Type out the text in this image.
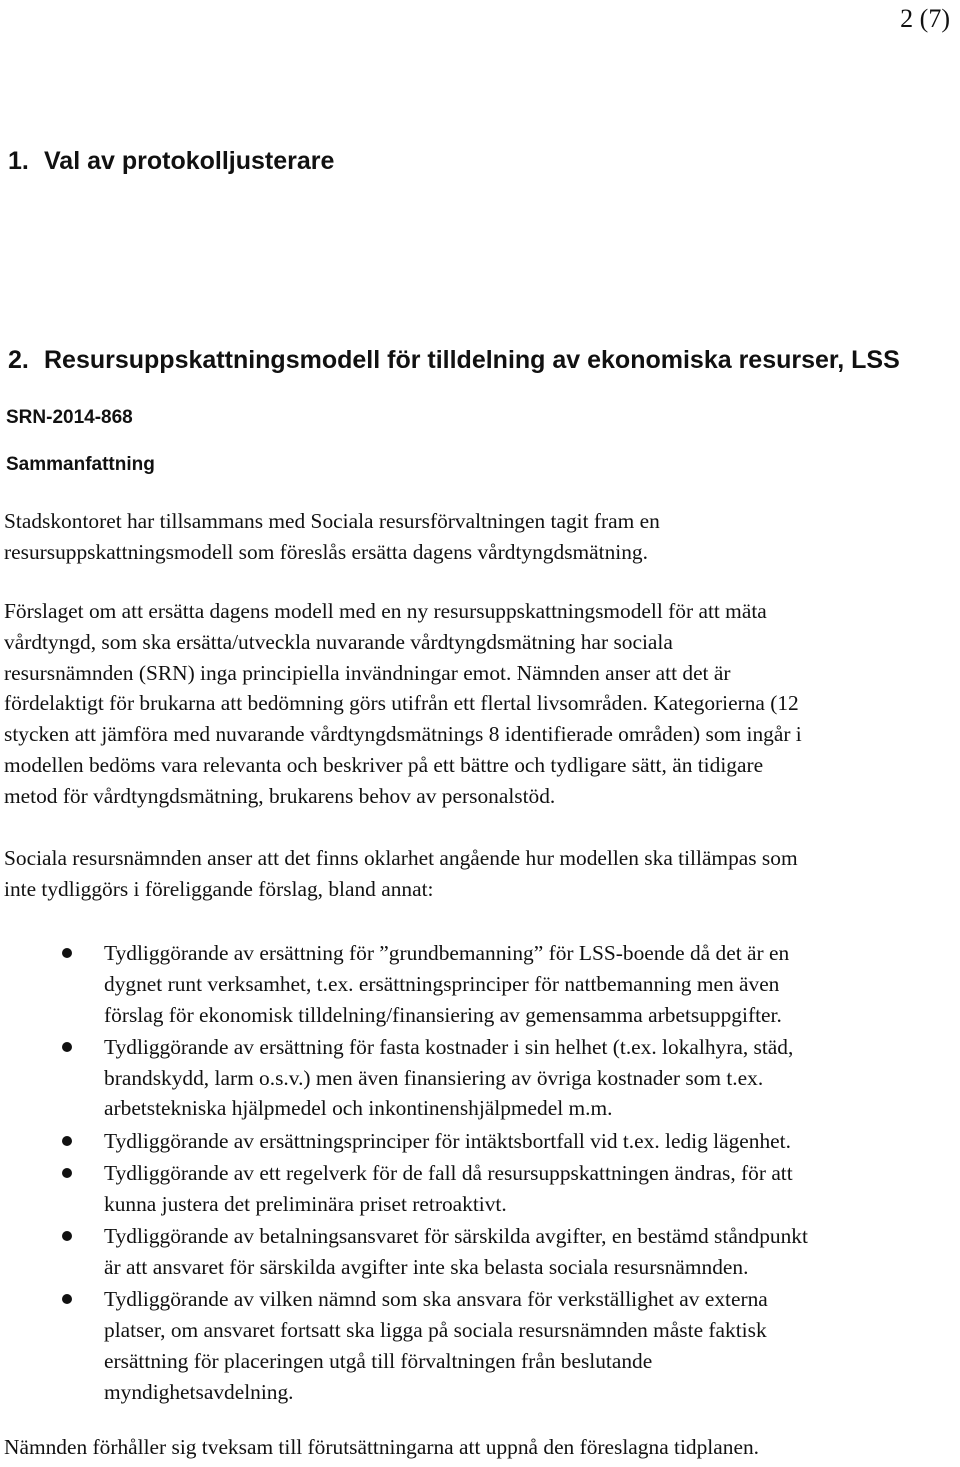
2 (7)
1. Val av protokolljusterare
2. Resursuppskattningsmodell för tilldelning av ekonomiska resurser, LSS
SRN-2014-868
Sammanfattning
Stadskontoret har tillsammans med Sociala resursförvaltningen tagit fram en
resursuppskattningsmodell som föreslås ersätta dagens vårdtyngdsmätning.
Förslaget om att ersätta dagens modell med en ny resursuppskattningsmodell för att mäta
vårdtyngd, som ska ersätta/utveckla nuvarande vårdtyngdsmätning har sociala
resursnämnden (SRN) inga principiella invändningar emot. Nämnden anser att det är
fördelaktigt för brukarna att bedömning görs utifrån ett flertal livsområden. Kategorierna (12
stycken att jämföra med nuvarande vårdtyngdsmätnings 8 identifierade områden) som ingår i
modellen bedöms vara relevanta och beskriver på ett bättre och tydligare sätt, än tidigare
metod för vårdtyngdsmätning, brukarens behov av personalstöd.
Sociala resursnämnden anser att det finns oklarhet angående hur modellen ska tillämpas som
inte tydliggörs i föreliggande förslag, bland annat:
Tydliggörande av ersättning för ”grundbemanning” för LSS-boende då det är en
dygnet runt verksamhet, t.ex. ersättningsprinciper för nattbemanning men även
förslag för ekonomisk tilldelning/finansiering av gemensamma arbetsuppgifter.
Tydliggörande av ersättning för fasta kostnader i sin helhet (t.ex. lokalhyra, städ,
brandskydd, larm o.s.v.) men även finansiering av övriga kostnader som t.ex.
arbetstekniska hjälpmedel och inkontinenshjälpmedel m.m.
Tydliggörande av ersättningsprinciper för intäktsbortfall vid t.ex. ledig lägenhet.
Tydliggörande av ett regelverk för de fall då resursuppskattningen ändras, för att
kunna justera det preliminära priset retroaktivt.
Tydliggörande av betalningsansvaret för särskilda avgifter, en bestämd ståndpunkt
är att ansvaret för särskilda avgifter inte ska belasta sociala resursnämnden.
Tydliggörande av vilken nämnd som ska ansvara för verkställighet av externa
platser, om ansvaret fortsatt ska ligga på sociala resursnämnden måste faktisk
ersättning för placeringen utgå till förvaltningen från beslutande
myndighetsavdelning.
Nämnden förhåller sig tveksam till förutsättningarna att uppnå den föreslagna tidplanen.
